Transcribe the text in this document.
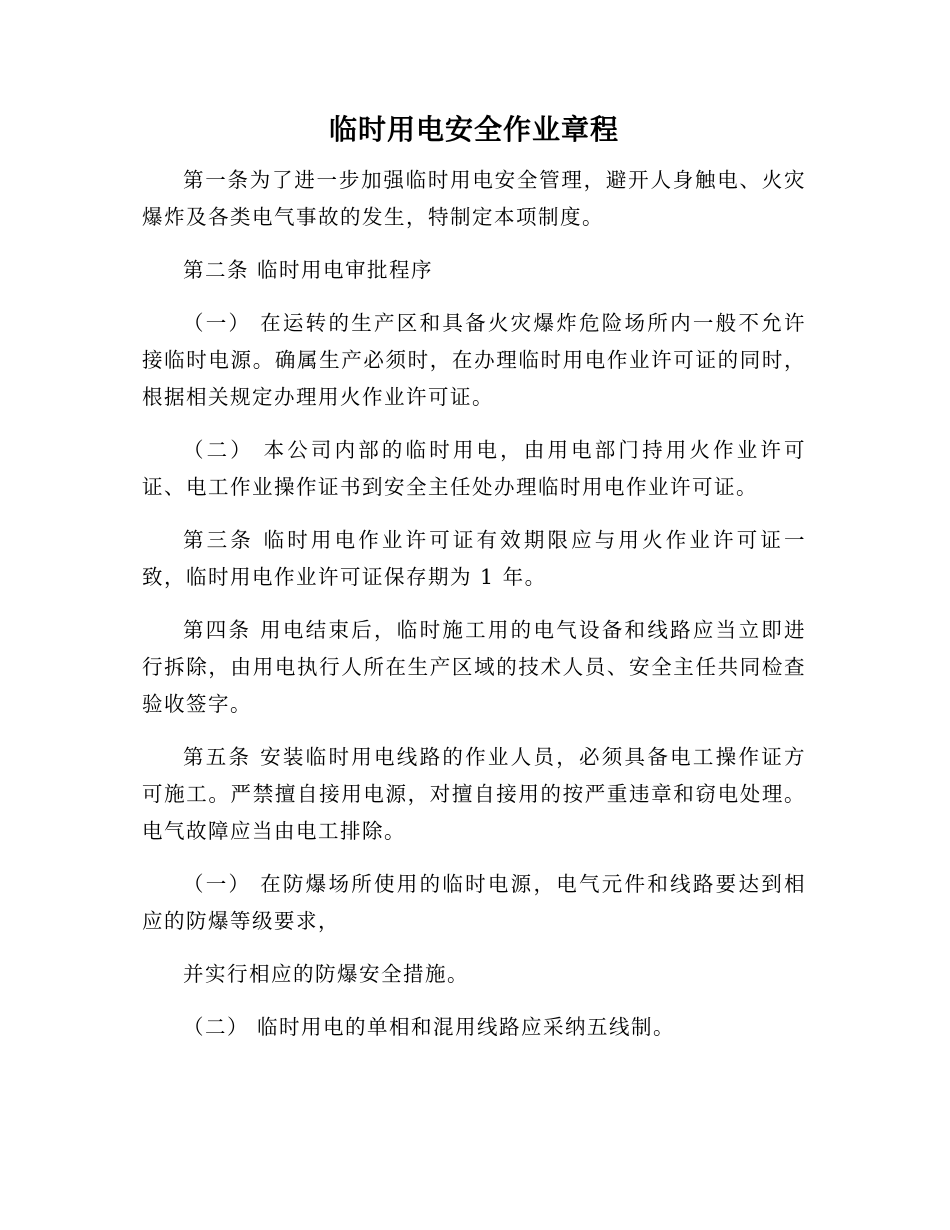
临时用电安全作业章程

第一条为了进一步加强临时用电安全管理，避开人身触电、火灾爆炸及各类电气事故的发生，特制定本项制度。

第二条 临时用电审批程序

（一） 在运转的生产区和具备火灾爆炸危险场所内一般不允许接临时电源。确属生产必须时，在办理临时用电作业许可证的同时，根据相关规定办理用火作业许可证。

（二） 本公司内部的临时用电，由用电部门持用火作业许可证、电工作业操作证书到安全主任处办理临时用电作业许可证。

第三条 临时用电作业许可证有效期限应与用火作业许可证一致，临时用电作业许可证保存期为 1 年。

第四条 用电结束后，临时施工用的电气设备和线路应当立即进行拆除，由用电执行人所在生产区域的技术人员、安全主任共同检查验收签字。

第五条 安装临时用电线路的作业人员，必须具备电工操作证方可施工。严禁擅自接用电源，对擅自接用的按严重违章和窃电处理。电气故障应当由电工排除。

（一） 在防爆场所使用的临时电源，电气元件和线路要达到相应的防爆等级要求，

并实行相应的防爆安全措施。

（二） 临时用电的单相和混用线路应采纳五线制。
